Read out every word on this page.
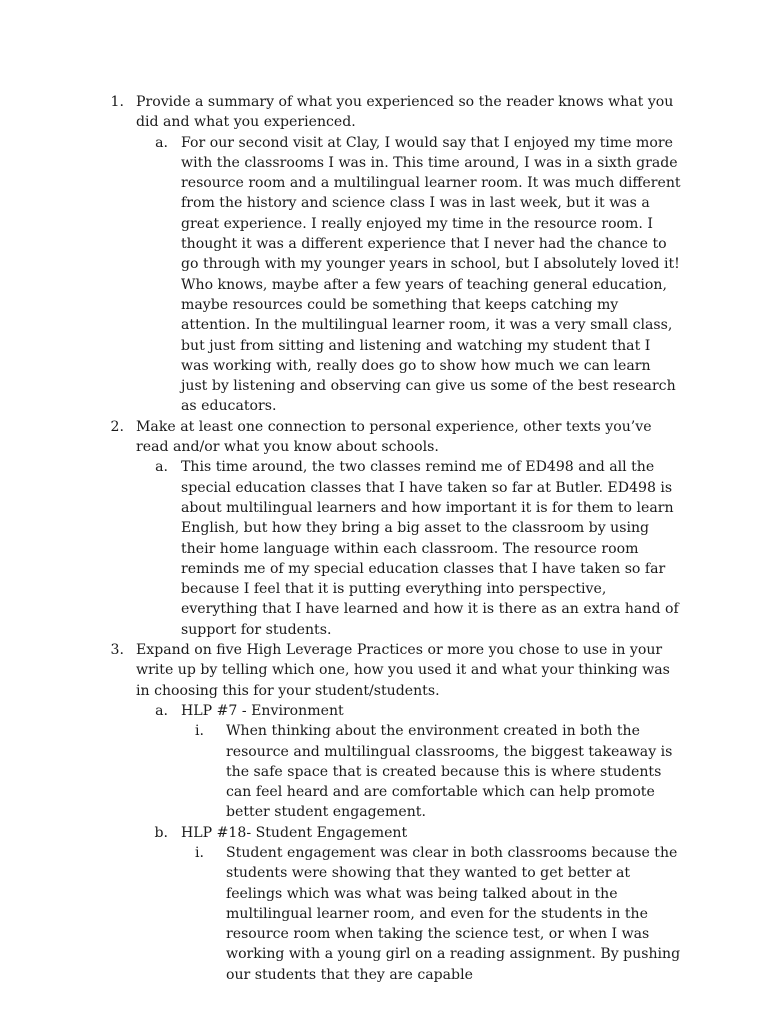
1. Provide a summary of what you experienced so the reader knows what you did and what you experienced.
a. For our second visit at Clay, I would say that I enjoyed my time more with the classrooms I was in. This time around, I was in a sixth grade resource room and a multilingual learner room. It was much different from the history and science class I was in last week, but it was a great experience. I really enjoyed my time in the resource room. I thought it was a different experience that I never had the chance to go through with my younger years in school, but I absolutely loved it! Who knows, maybe after a few years of teaching general education, maybe resources could be something that keeps catching my attention. In the multilingual learner room, it was a very small class, but just from sitting and listening and watching my student that I was working with, really does go to show how much we can learn just by listening and observing can give us some of the best research as educators.
2. Make at least one connection to personal experience, other texts you’ve read and/or what you know about schools.
a. This time around, the two classes remind me of ED498 and all the special education classes that I have taken so far at Butler. ED498 is about multilingual learners and how important it is for them to learn English, but how they bring a big asset to the classroom by using their home language within each classroom. The resource room reminds me of my special education classes that I have taken so far because I feel that it is putting everything into perspective, everything that I have learned and how it is there as an extra hand of support for students.
3. Expand on five High Leverage Practices or more you chose to use in your write up by telling which one, how you used it and what your thinking was in choosing this for your student/students.
a. HLP #7 - Environment
i. When thinking about the environment created in both the resource and multilingual classrooms, the biggest takeaway is the safe space that is created because this is where students can feel heard and are comfortable which can help promote better student engagement.
b. HLP #18- Student Engagement
i. Student engagement was clear in both classrooms because the students were showing that they wanted to get better at feelings which was what was being talked about in the multilingual learner room, and even for the students in the resource room when taking the science test, or when I was working with a young girl on a reading assignment. By pushing our students that they are capable
